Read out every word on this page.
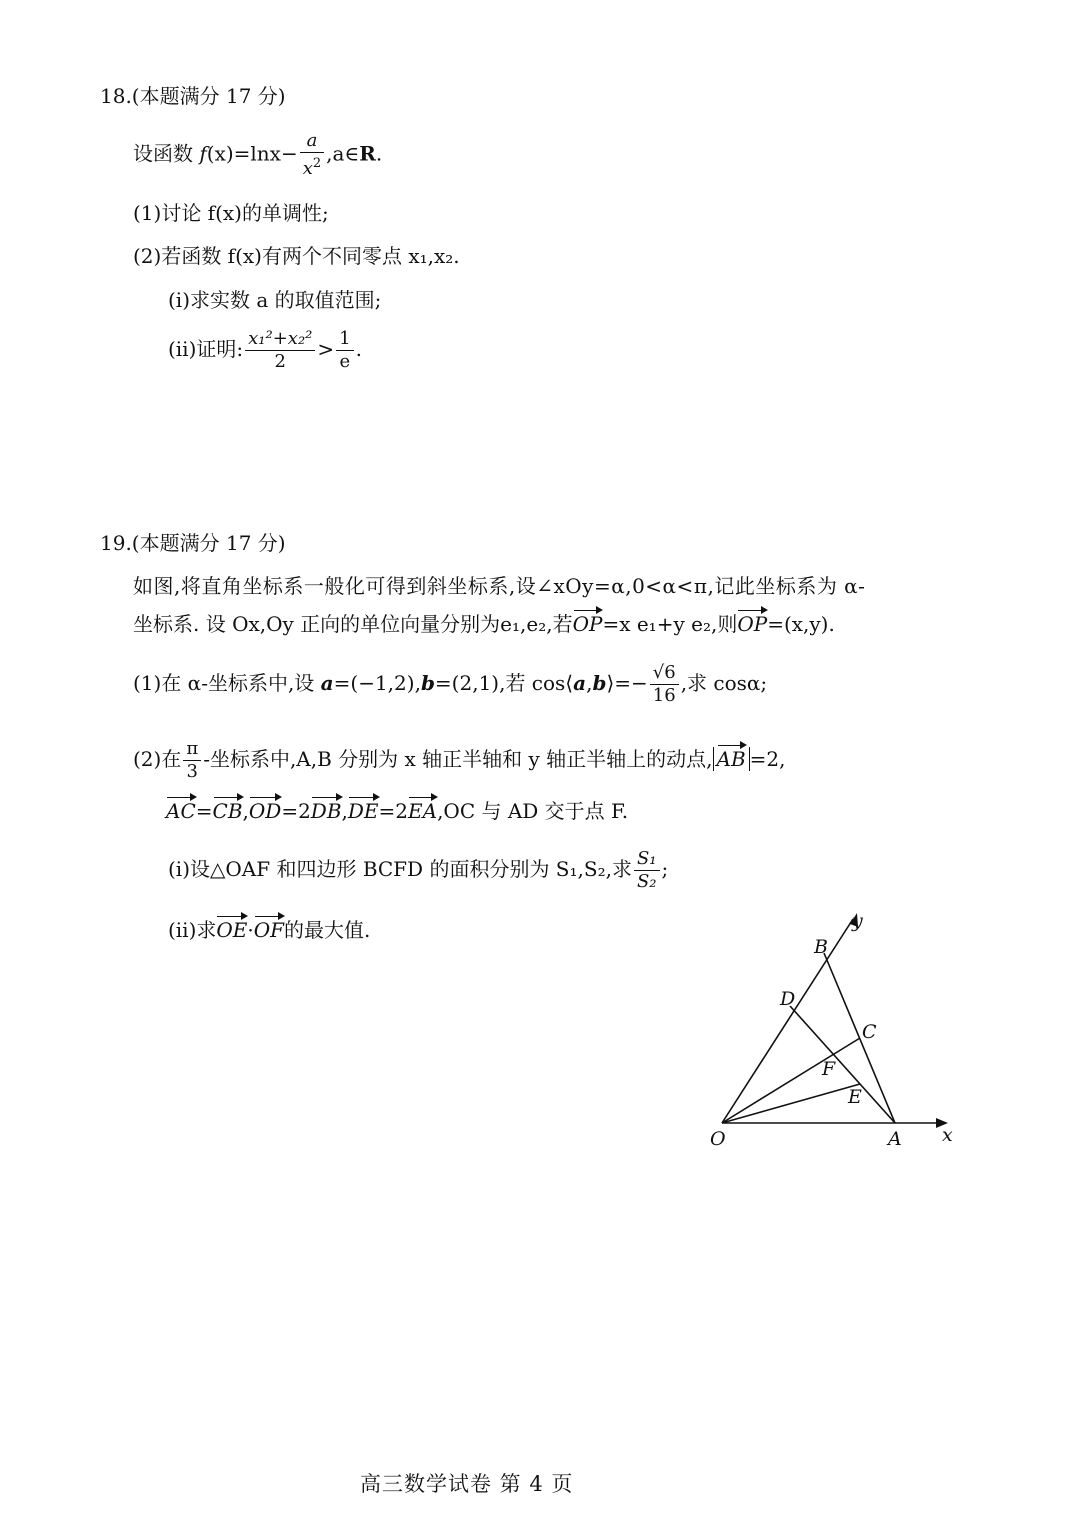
18.(本题满分 17 分)
设函数 $f(x)=\ln x- \frac{a}{x^2}$ ,a∈R.
(1)讨论 f(x)的单调性;
(2)若函数 f(x)有两个不同零点 x₁,x₂.
(ⅰ)求实数 a 的取值范围;
(ⅱ)证明: $\frac{\text{x₁²+x₂²}}{2} > \frac{1}{e}$ .
19.(本题满分 17 分)
如图,将直角坐标系一般化可得到斜坐标系,设∠xOy=α,0<α<π,记此坐标系为 α-
坐标系. 设 Ox,Oy 正向的单位向量分别为e₁,e₂,若OP=x e₁+y e₂,则OP=(x,y).
(1)在 α-坐标系中,设 a=(−1,2),b=(2,1),若 cos⟨a,b⟩=− $\frac{√6}{16}$ ,求 cosα;
(2)在 $\frac{\pi}{3}$ -坐标系中,A,B 分别为 x 轴正半轴和 y 轴正半轴上的动点, AB =2,
AC=CB,OD=2DB,DE=2EA,OC 与 AD 交于点 F.
(ⅰ)设△OAF 和四边形 BCFD 的面积分别为 S₁,S₂,求 $\frac{\text{S₁}}{\text{S₂}}$ ;
(ⅱ)求OE·OF的最大值.
O	A x
B
y
D
C
F
E
高三数学试卷 第 4 页
